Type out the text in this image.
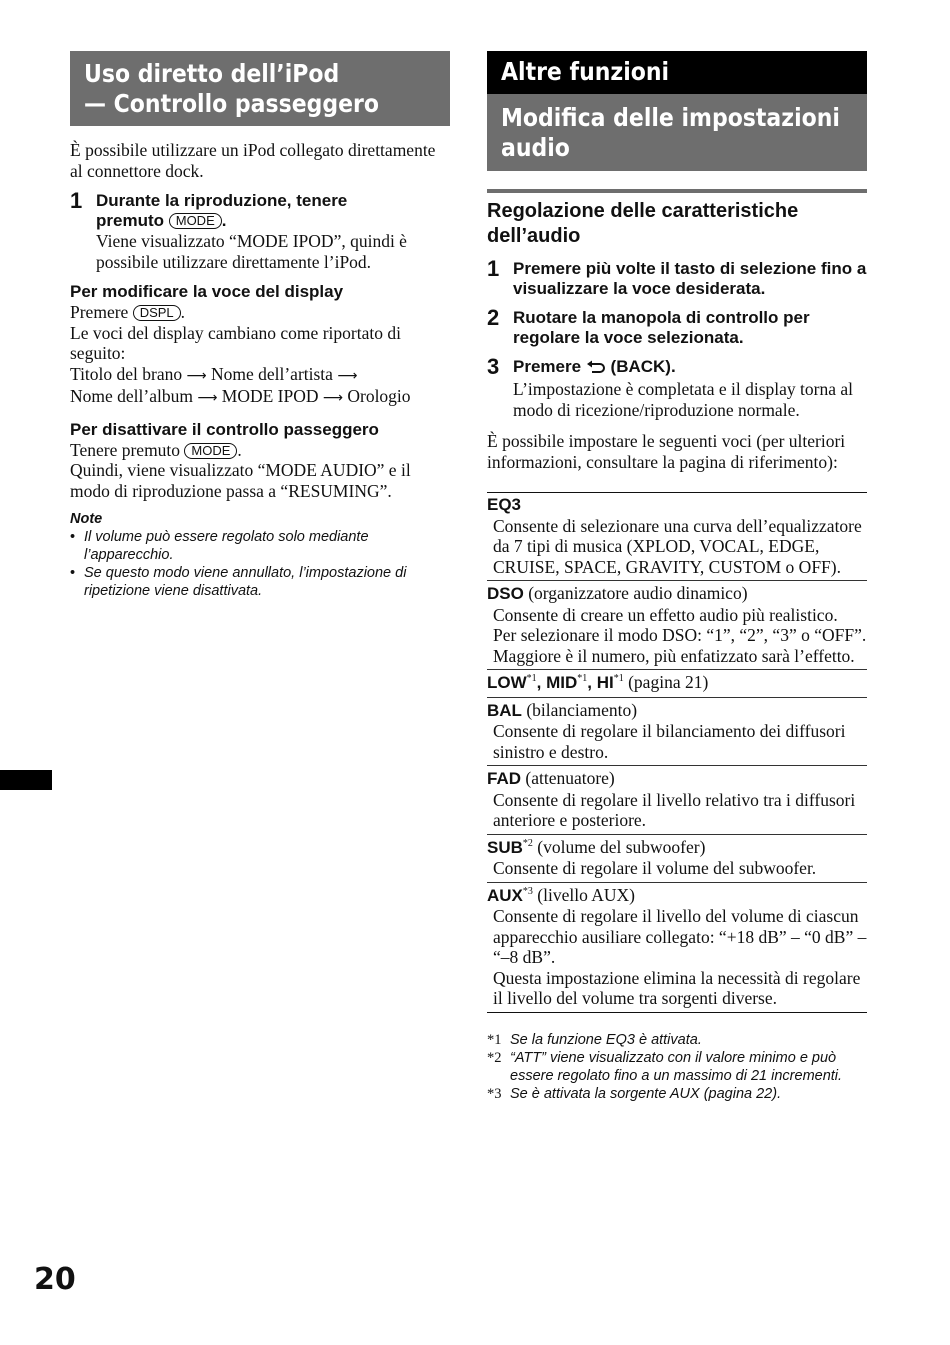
Uso diretto dell’iPod
— Controllo passeggero
È possibile utilizzare un iPod collegato direttamente al connettore dock.
1 Durante la riproduzione, tenere
premuto MODE .
Viene visualizzato “MODE IPOD”, quindi è possibile utilizzare direttamente l’iPod.
Per modificare la voce del display
Premere DSPL .
Le voci del display cambiano come riportato di seguito:
Titolo del brano ⟶ Nome dell’artista ⟶
Nome dell’album ⟶ MODE IPOD ⟶ Orologio
Per disattivare il controllo passeggero
Tenere premuto MODE .
Quindi, viene visualizzato “MODE AUDIO” e il modo di riproduzione passa a “RESUMING”.
Note
• Il volume può essere regolato solo mediante l’apparecchio.
• Se questo modo viene annullato, l’impostazione di ripetizione viene disattivata.
Altre funzioni
Modifica delle impostazioni
audio
Regolazione delle caratteristiche dell’audio
1 Premere più volte il tasto di selezione fino a visualizzare la voce desiderata.
2 Ruotare la manopola di controllo per regolare la voce selezionata.
3 Premere (BACK).
L’impostazione è completata e il display torna al modo di ricezione/riproduzione normale.
È possibile impostare le seguenti voci (per ulteriori informazioni, consultare la pagina di riferimento):
EQ3
Consente di selezionare una curva dell’equalizzatore da 7 tipi di musica (XPLOD, VOCAL, EDGE, CRUISE, SPACE, GRAVITY, CUSTOM o OFF).
DSO (organizzatore audio dinamico)
Consente di creare un effetto audio più realistico.
Per selezionare il modo DSO: “1”, “2”, “3” o “OFF”. Maggiore è il numero, più enfatizzato sarà l’effetto.
LOW$^{*1}$, MID$^{*1}$, HI$^{*1}$ (pagina 21)
BAL (bilanciamento)
Consente di regolare il bilanciamento dei diffusori sinistro e destro.
FAD (attenuatore)
Consente di regolare il livello relativo tra i diffusori anteriore e posteriore.
SUB$^{*2}$ (volume del subwoofer)
Consente di regolare il volume del subwoofer.
AUX$^{*3}$ (livello AUX)
Consente di regolare il livello del volume di ciascun apparecchio ausiliare collegato: “+18 dB” – “0 dB” – “–8 dB”.
Questa impostazione elimina la necessità di regolare il livello del volume tra sorgenti diverse.
*1 Se la funzione EQ3 è attivata.
*2 “ATT” viene visualizzato con il valore minimo e può essere regolato fino a un massimo di 21 incrementi.
*3 Se è attivata la sorgente AUX (pagina 22).
20
